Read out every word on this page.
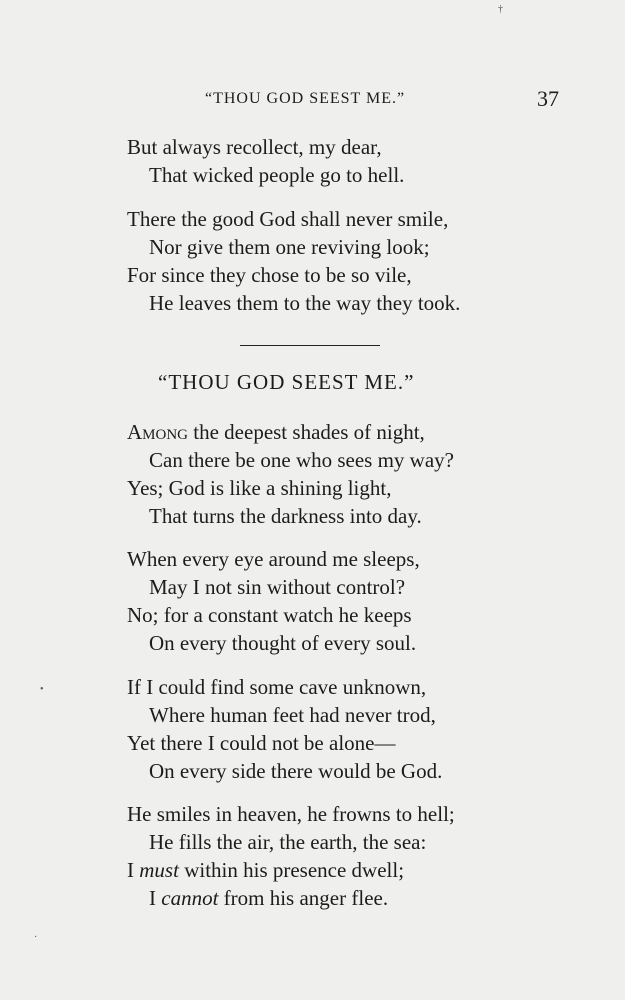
“THOU GOD SEEST ME.”	37
But always recollect, my dear,
That wicked people go to hell.
There the good God shall never smile,
Nor give them one reviving look;
For since they chose to be so vile,
He leaves them to the way they took.
“THOU GOD SEEST ME.”
Among the deepest shades of night,
Can there be one who sees my way?
Yes; God is like a shining light,
That turns the darkness into day.
When every eye around me sleeps,
May I not sin without control?
No; for a constant watch he keeps
On every thought of every soul.
If I could find some cave unknown,
Where human feet had never trod,
Yet there I could not be alone—
On every side there would be God.
He smiles in heaven, he frowns to hell;
He fills the air, the earth, the sea:
I must within his presence dwell;
I cannot from his anger flee.
†
•
·
